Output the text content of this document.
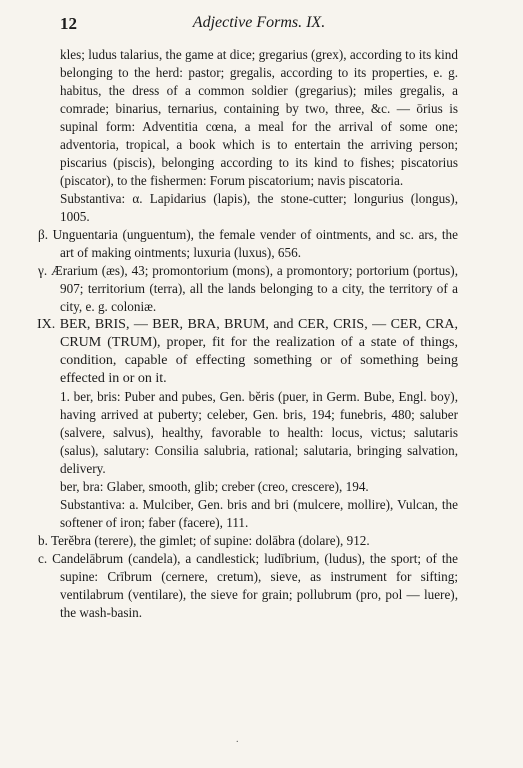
12	Adjective Forms. IX.

kles; ludus talarius, the game at dice; gregarius (grex), according to its kind belonging to the herd: pastor; gregalis, according to its properties, e. g. habitus, the dress of a common soldier (gregarius); miles gregalis, a comrade; binarius, ternarius, containing by two, three, &c. — ōrius is supinal form: Adventitia cœna, a meal for the arrival of some one; adventoria, tropical, a book which is to entertain the arriving person; piscarius (piscis), belonging according to its kind to fishes; piscatorius (piscator), to the fishermen: Forum piscatorium; navis piscatoria.

Substantiva: α. Lapidarius (lapis), the stone-cutter; longurius (longus), 1005.

β. Unguentaria (unguentum), the female vender of ointments, and sc. ars, the art of making ointments; luxuria (luxus), 656.

γ. Ærarium (æs), 43; promontorium (mons), a promontory; portorium (portus), 907; territorium (terra), all the lands belonging to a city, the territory of a city, e. g. coloniæ.

IX. BER, BRIS, — BER, BRA, BRUM, and CER, CRIS, — CER, CRA, CRUM (TRUM), proper, fit for the realization of a state of things, condition, capable of effecting something or of something being effected in or on it.

1. ber, bris: Puber and pubes, Gen. bĕris (puer, in Germ. Bube, Engl. boy), having arrived at puberty; celeber, Gen. bris, 194; funebris, 480; saluber (salvere, salvus), healthy, favorable to health: locus, victus; salutaris (salus), salutary: Consilia salubria, rational; salutaria, bringing salvation, delivery.

ber, bra: Glaber, smooth, glib; creber (creo, crescere), 194.

Substantiva: a. Mulciber, Gen. bris and bri (mulcere, mollire), Vulcan, the softener of iron; faber (facere), 111.

b. Terĕbra (terere), the gimlet; of supine: dolābra (dolare), 912.

c. Candelābrum (candela), a candlestick; ludībrium, (ludus), the sport; of the supine: Crībrum (cernere, cretum), sieve, as instrument for sifting; ventilabrum (ventilare), the sieve for grain; pollubrum (pro, pol — luere), the wash-basin.

.
